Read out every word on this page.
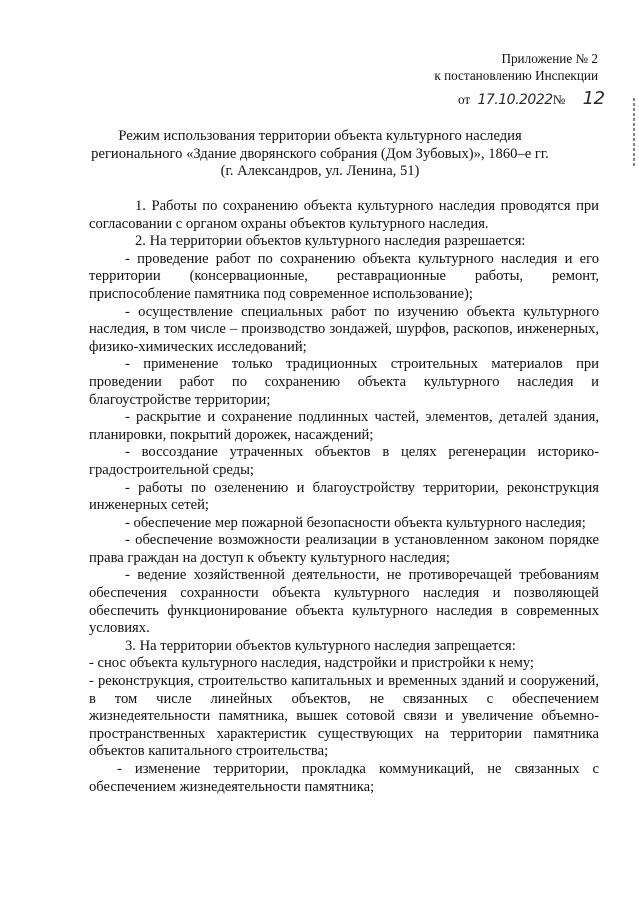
Приложение № 2
к постановлению Инспекции
от 17.10.2022 № 12
Режим использования территории объекта культурного наследия
регионального «Здание дворянского собрания (Дом Зубовых)», 1860–е гг.
(г. Александров, ул. Ленина, 51)

1. Работы по сохранению объекта культурного наследия проводятся при согласовании с органом охраны объектов культурного наследия.

2. На территории объектов культурного наследия разрешается:

- проведение работ по сохранению объекта культурного наследия и его территории (консервационные, реставрационные работы, ремонт, приспособление памятника под современное использование);

- осуществление специальных работ по изучению объекта культурного наследия, в том числе – производство зондажей, шурфов, раскопов, инженерных, физико-химических исследований;

- применение только традиционных строительных материалов при проведении работ по сохранению объекта культурного наследия и благоустройстве территории;

- раскрытие и сохранение подлинных частей, элементов, деталей здания, планировки, покрытий дорожек, насаждений;

- воссоздание утраченных объектов в целях регенерации историко-градостроительной среды;

- работы по озеленению и благоустройству территории, реконструкция инженерных сетей;

- обеспечение мер пожарной безопасности объекта культурного наследия;

- обеспечение возможности реализации в установленном законом порядке права граждан на доступ к объекту культурного наследия;

- ведение хозяйственной деятельности, не противоречащей требованиям обеспечения сохранности объекта культурного наследия и позволяющей обеспечить функционирование объекта культурного наследия в современных условиях.

3. На территории объектов культурного наследия запрещается:

- снос объекта культурного наследия, надстройки и пристройки к нему;

- реконструкция, строительство капитальных и временных зданий и сооружений, в том числе линейных объектов, не связанных с обеспечением жизнедеятельности памятника, вышек сотовой связи и увеличение объемно-пространственных характеристик существующих на территории памятника объектов капитального строительства;

- изменение территории, прокладка коммуникаций, не связанных с обеспечением жизнедеятельности памятника;
